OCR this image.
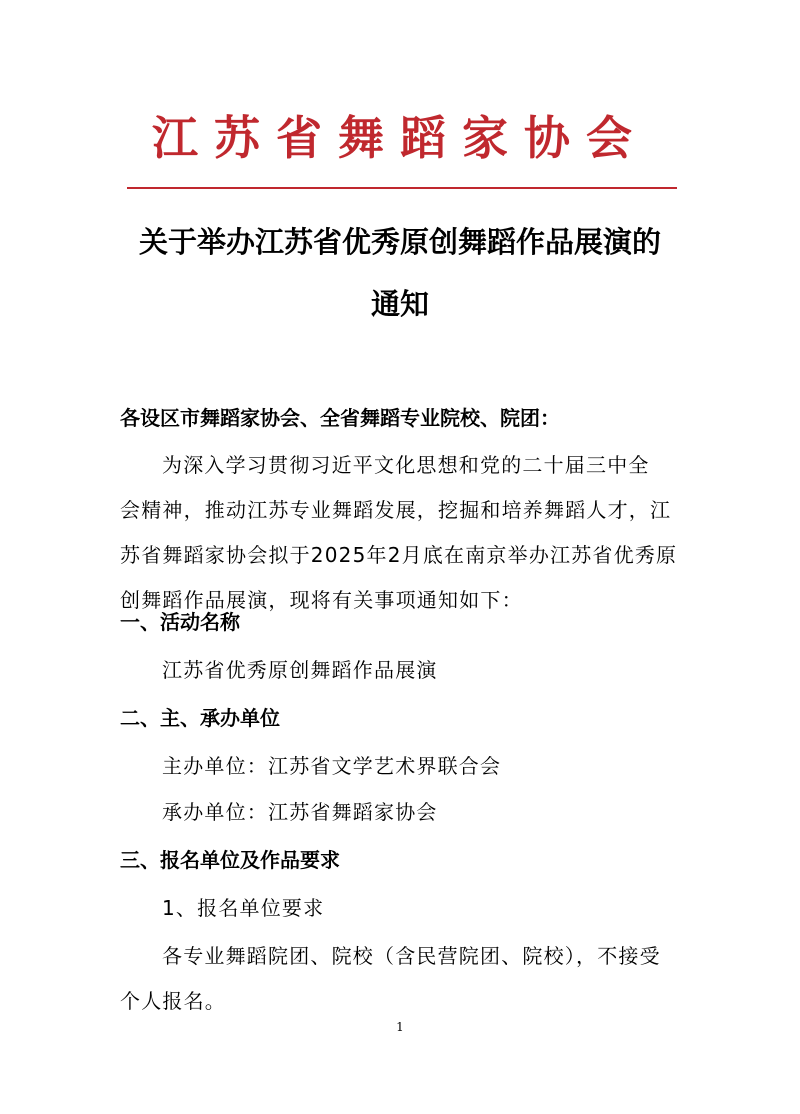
江苏省舞蹈家协会
关于举办江苏省优秀原创舞蹈作品展演的
通知
各设区市舞蹈家协会、全省舞蹈专业院校、院团：
为深入学习贯彻习近平文化思想和党的二十届三中全
会精神，推动江苏专业舞蹈发展，挖掘和培养舞蹈人才，江
苏省舞蹈家协会拟于2025年2月底在南京举办江苏省优秀原
创舞蹈作品展演，现将有关事项通知如下：
一、活动名称
江苏省优秀原创舞蹈作品展演
二、主、承办单位
主办单位：江苏省文学艺术界联合会
承办单位：江苏省舞蹈家协会
三、报名单位及作品要求
1、报名单位要求
各专业舞蹈院团、院校（含民营院团、院校），不接受
个人报名。
1
